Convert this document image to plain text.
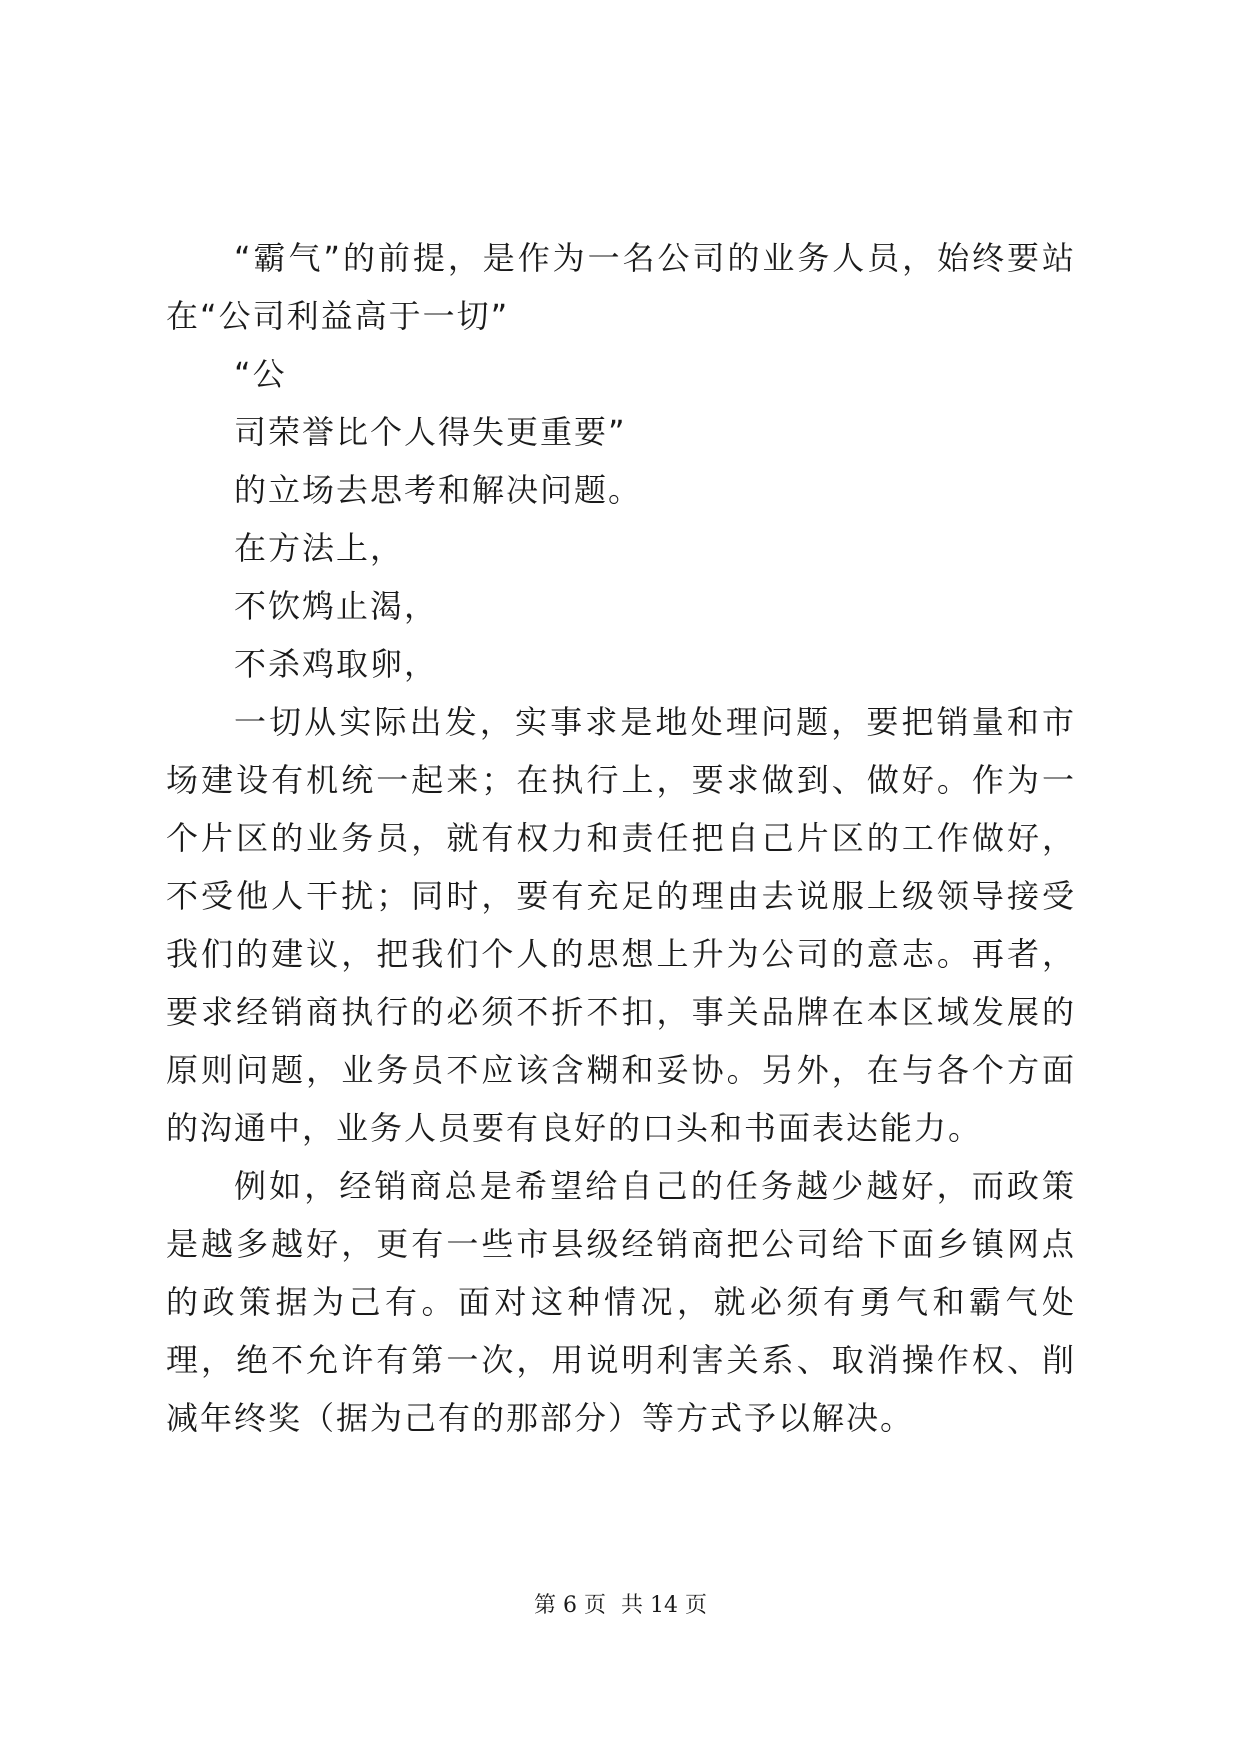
“霸气”的前提，是作为一名公司的业务人员，始终要站在“公司利益高于一切”

“公

司荣誉比个人得失更重要”

的立场去思考和解决问题。

在方法上，

不饮鸩止渴，

不杀鸡取卵，

一切从实际出发，实事求是地处理问题，要把销量和市场建设有机统一起来；在执行上，要求做到、做好。作为一个片区的业务员，就有权力和责任把自己片区的工作做好，不受他人干扰；同时，要有充足的理由去说服上级领导接受我们的建议，把我们个人的思想上升为公司的意志。再者，要求经销商执行的必须不折不扣，事关品牌在本区域发展的原则问题，业务员不应该含糊和妥协。另外，在与各个方面的沟通中，业务人员要有良好的口头和书面表达能力。

例如，经销商总是希望给自己的任务越少越好，而政策是越多越好，更有一些市县级经销商把公司给下面乡镇网点的政策据为己有。面对这种情况，就必须有勇气和霸气处理，绝不允许有第一次，用说明利害关系、取消操作权、削减年终奖（据为己有的那部分）等方式予以解决。

第 6 页 共 14 页
